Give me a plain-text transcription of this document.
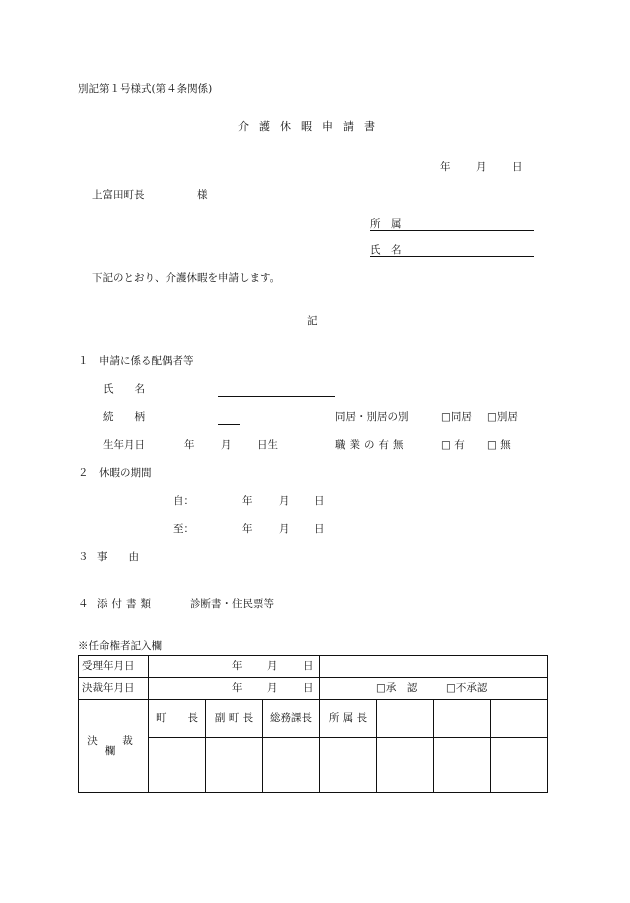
別記第１号様式(第４条関係)
介護休暇申請書
年 月 日
上富田町長	様
所　属
氏　名
下記のとおり、介護休暇を申請します。
記
１　申請に係る配偶者等
氏　　名
続　　柄	同居・別居の別	□同居 □別居
生年月日	年	月 日生	職業の有無	□ 有 □ 無
２　休暇の期間
自：	年	月 日
至：	年	月 日
３ 事　　由
４ 添付書類	診断書・住民票等
※任命権者記入欄
受理年月日	年 月 日						

決裁年月日	年 月 日			□承　認 □不承認			

決　裁　欄	町　　長	副 町 長	総務課長	所 属 長			
